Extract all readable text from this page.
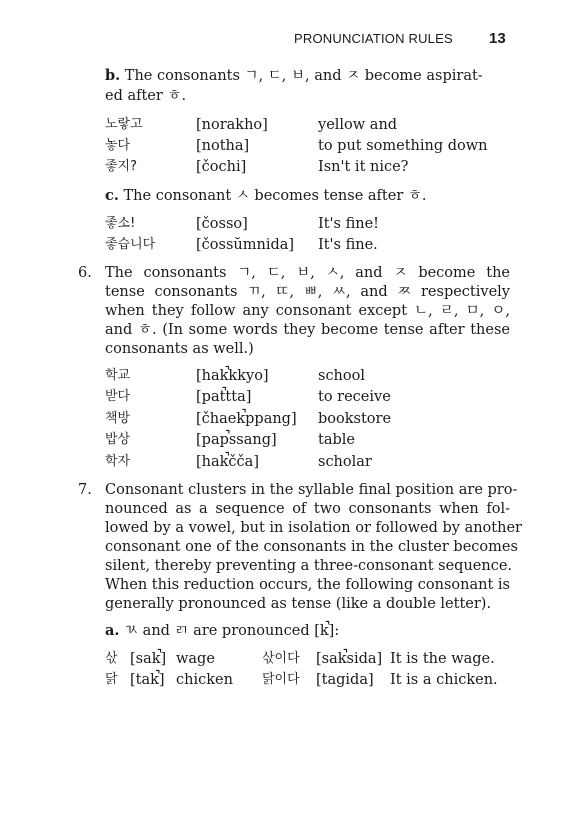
PRONUNCIATION RULES 13
b. The consonants ㄱ, ㄷ, ㅂ, and ㅈ become aspirat-
ed after ㅎ.
노랗고	[norakho]	yellow and
놓다	[notha]	to put something down
좋지?	[čochi]	Isn't it nice?
c. The consonant ㅅ becomes tense after ㅎ.
좋소!	[čosso]	It's fine!
좋습니다	[čossŭmnida] It's fine.
6. The consonants ㄱ, ㄷ, ㅂ, ㅅ, and ㅈ become the
tense consonants ㄲ, ㄸ, ㅃ, ㅆ, and ㅉ respectively
when they follow any consonant except ㄴ, ㄹ, ㅁ, ㅇ,
and ㅎ. (In some words they become tense after these
consonants as well.)
학교	[hak̚kkyo]	school
받다	[pat̚tta]	to receive
책방	[čhaek̚ppang] bookstore
밥상	[pap̚ssang]	table
학자	[hak̚čča]	scholar
7. Consonant clusters in the syllable final position are pro-
nounced as a sequence of two consonants when fol-
lowed by a vowel, but in isolation or followed by another
consonant one of the consonants in the cluster becomes
silent, thereby preventing a three-consonant sequence.
When this reduction occurs, the following consonant is
generally pronounced as tense (like a double letter).
a. ㄳ and ㄺ are pronounced [k̚]:
삯 [sak̚] wage	삯이다 [sak̚sida] It is the wage.
닭 [tak̚] chicken 닭이다 [tagida] It is a chicken.
